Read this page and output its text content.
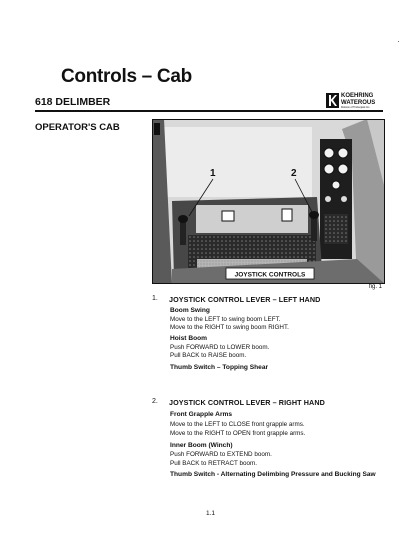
·
Controls – Cab
618 DELIMBER	KOEHRING WATEROUS
Division of Timberjack Inc.
OPERATOR'S CAB
1	2
JOYSTICK CONTROLS
fig. 1
1. JOYSTICK CONTROL LEVER – LEFT HAND
Boom Swing
Move to the LEFT to swing boom LEFT.
Move to the RIGHT to swing boom RIGHT.
Hoist Boom
Push FORWARD to LOWER boom.
Pull BACK to RAISE boom.
Thumb Switch – Topping Shear
2. JOYSTICK CONTROL LEVER – RIGHT HAND
Front Grapple Arms
Move to the LEFT to CLOSE front grapple arms.
Move to the RIGHT to OPEN front grapple arms.
Inner Boom (Winch)
Push FORWARD to EXTEND boom.
Pull BACK to RETRACT boom.
Thumb Switch - Alternating Delimbing Pressure and Bucking Saw
1.1
